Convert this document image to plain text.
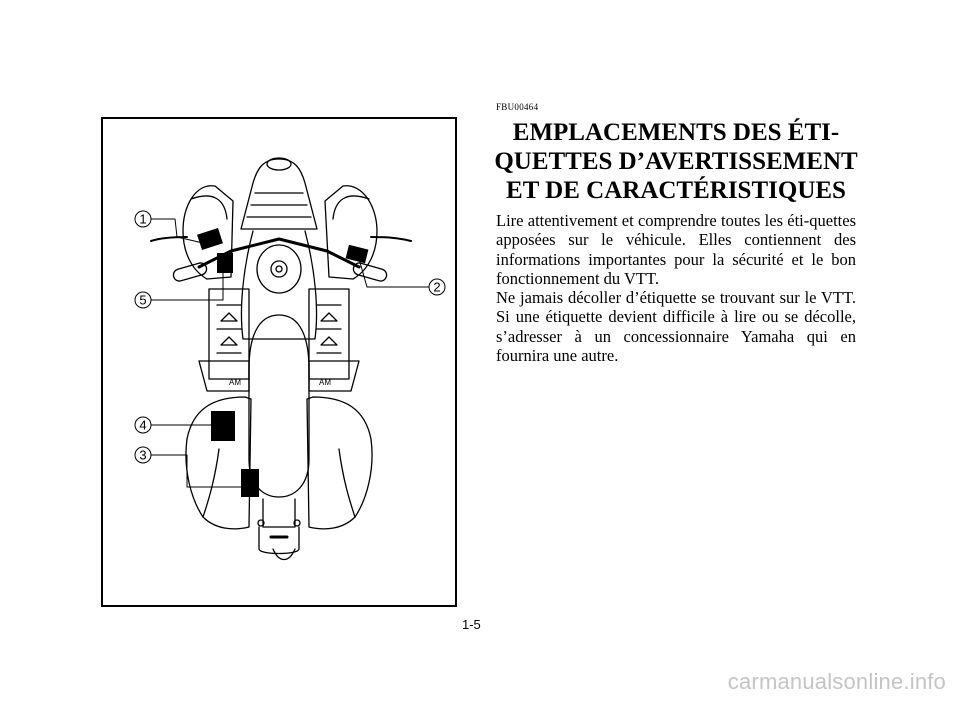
FBU00464
EMPLACEMENTS DES ÉTI-
QUETTES D’AVERTISSEMENT
ET DE CARACTÉRISTIQUES

Lire attentivement et comprendre toutes les éti-quettes apposées sur le véhicule. Elles contiennent des informations importantes pour la sécurité et le bon fonctionnement du VTT.

Ne jamais décoller d’étiquette se trouvant sur le VTT. Si une étiquette devient difficile à lire ou se décolle, s’adresser à un concessionnaire Yamaha qui en fournira une autre.

AM	AM
1
5
2
4
3
1-5
carmanualsonline.info
